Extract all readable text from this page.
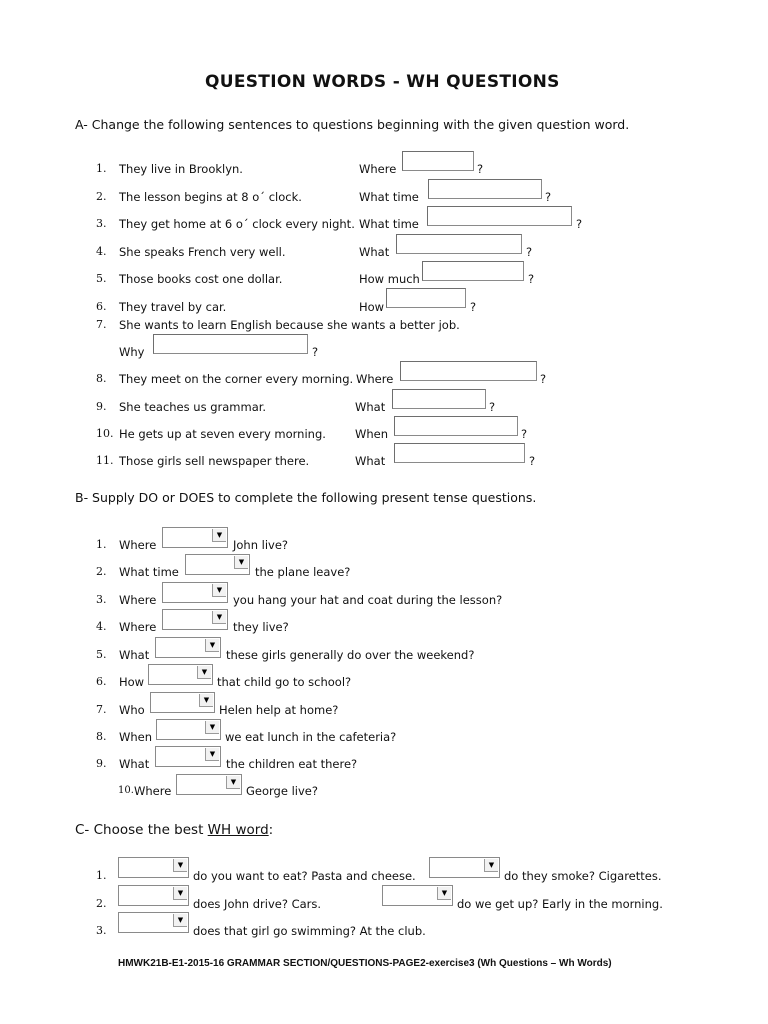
QUESTION WORDS - WH QUESTIONS
A- Change the following sentences to questions beginning with the given question word.
1. They live in Brooklyn.	Where	?
2. The lesson begins at 8 o´ clock.	What time	?
3. They get home at 6 o´ clock every night. What time	?
4. She speaks French very well.	What	?
5. Those books cost one dollar.	How much	?
6. They travel by car.	How	?
7. She wants to learn English because she wants a better job.
Why	?
8. They meet on the corner every morning. Where	?
9. She teaches us grammar.	What	?
10. He gets up at seven every morning.	When	?
11. Those girls sell newspaper there.	What	?
B- Supply DO or DOES to complete the following present tense questions.
1. Where
▼
John live?
2. What time
▼
the plane leave?
3. Where
▼
you hang your hat and coat during the lesson?
4. Where
▼
they live?
5. What
▼
these girls generally do over the weekend?
6. How
▼
that child go to school?
7. Who
▼
Helen help at home?
8. When
▼
we eat lunch in the cafeteria?
9. What
▼
the children eat there?
10. Where
▼
George live?
C- Choose the best WH word:
1.
▼
do you want to eat? Pasta and cheese.
▼
do they smoke? Cigarettes.
2.
▼
does John drive? Cars.
▼
do we get up? Early in the morning.
3.
▼
does that girl go swimming? At the club.
HMWK21B-E1-2015-16 GRAMMAR SECTION/QUESTIONS-PAGE2-exercise3 (Wh Questions – Wh Words)
